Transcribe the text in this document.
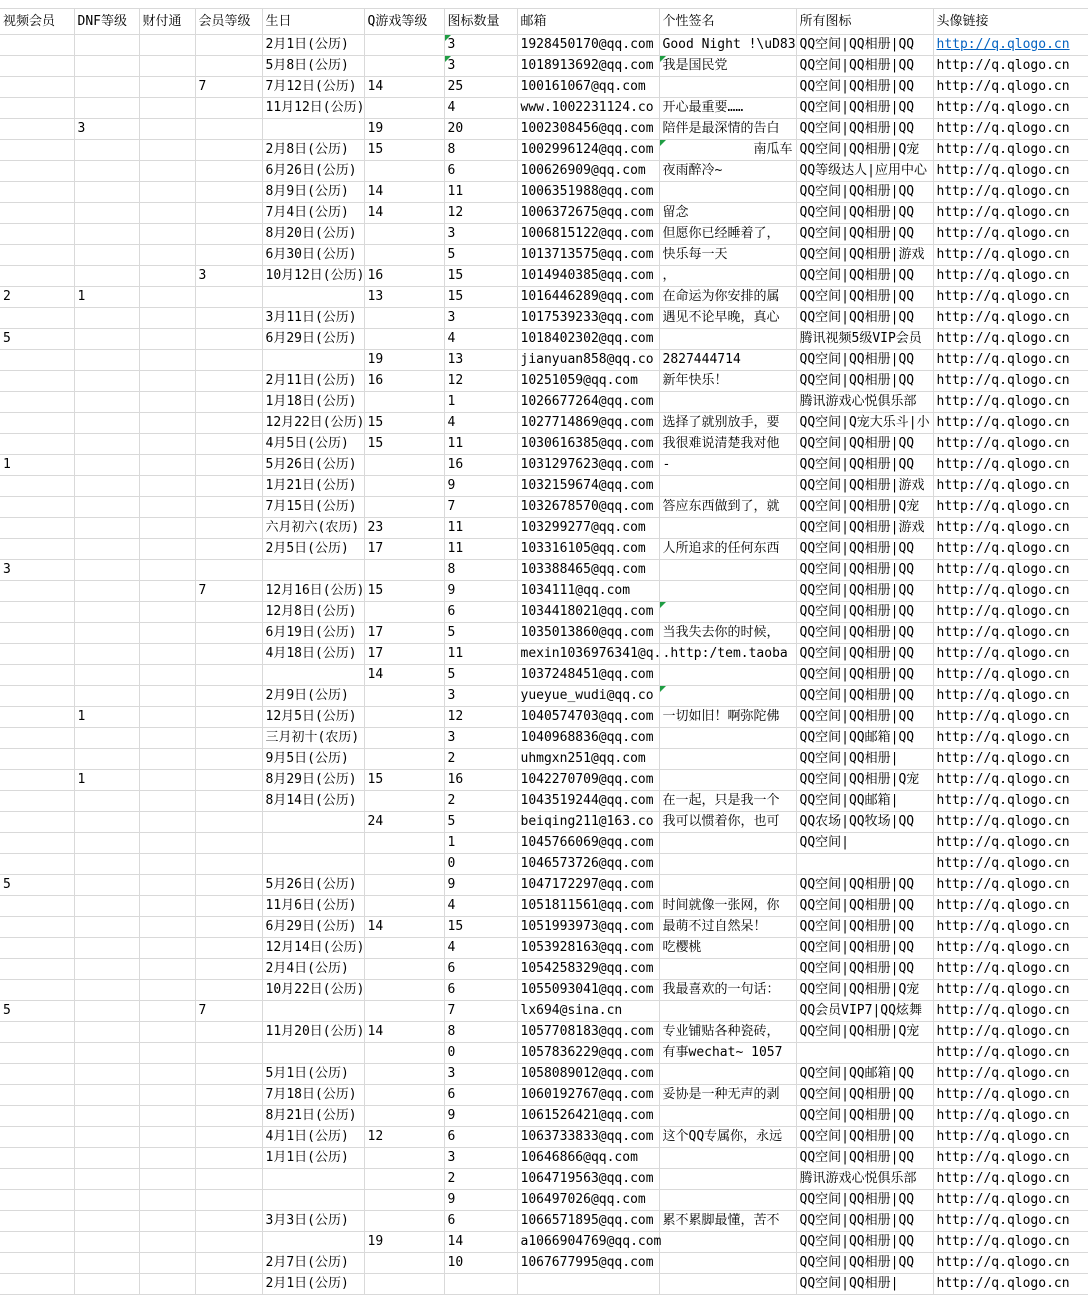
视频会员	DNF等级	财付通	会员等级	生日	Q游戏等级	图标数量	邮箱	个性签名	所有图标	头像链接
				2月1日(公历)		3	1928450170@qq.com	Good Night !\uD83	QQ空间|QQ相册|QQ	http://q.qlogo.cn
				5月8日(公历)		3	1018913692@qq.com	我是国民党	QQ空间|QQ相册|QQ	http://q.qlogo.cn
			7	7月12日(公历)	14	25	100161067@qq.com		QQ空间|QQ相册|QQ	http://q.qlogo.cn
				11月12日(公历)		4	www.1002231124.co	开心最重要……	QQ空间|QQ相册|QQ	http://q.qlogo.cn
	3				19	20	1002308456@qq.com	陪伴是最深情的告白	QQ空间|QQ相册|QQ	http://q.qlogo.cn
				2月8日(公历)	15	8	1002996124@qq.com	南瓜车	QQ空间|QQ相册|Q宠	http://q.qlogo.cn
				6月26日(公历)		6	100626909@qq.com	夜雨醉冷~	QQ等级达人|应用中心	http://q.qlogo.cn
				8月9日(公历)	14	11	1006351988@qq.com		QQ空间|QQ相册|QQ	http://q.qlogo.cn
				7月4日(公历)	14	12	1006372675@qq.com	留念	QQ空间|QQ相册|QQ	http://q.qlogo.cn
				8月20日(公历)		3	1006815122@qq.com	但愿你已经睡着了，	QQ空间|QQ相册|QQ	http://q.qlogo.cn
				6月30日(公历)		5	1013713575@qq.com	快乐每一天	QQ空间|QQ相册|游戏	http://q.qlogo.cn
			3	10月12日(公历)	16	15	1014940385@qq.com	，	QQ空间|QQ相册|QQ	http://q.qlogo.cn
2	1				13	15	1016446289@qq.com	在命运为你安排的属	QQ空间|QQ相册|QQ	http://q.qlogo.cn
				3月11日(公历)		3	1017539233@qq.com	遇见不论早晚，真心	QQ空间|QQ相册|QQ	http://q.qlogo.cn
5				6月29日(公历)		4	1018402302@qq.com		腾讯视频5级VIP会员	http://q.qlogo.cn
					19	13	jianyuan858@qq.co	2827444714	QQ空间|QQ相册|QQ	http://q.qlogo.cn
				2月11日(公历)	16	12	10251059@qq.com	新年快乐！	QQ空间|QQ相册|QQ	http://q.qlogo.cn
				1月18日(公历)		1	1026677264@qq.com		腾讯游戏心悦俱乐部	http://q.qlogo.cn
				12月22日(公历)	15	4	1027714869@qq.com	选择了就别放手，要	QQ空间|Q宠大乐斗|小	http://q.qlogo.cn
				4月5日(公历)	15	11	1030616385@qq.com	我很难说清楚我对他	QQ空间|QQ相册|QQ	http://q.qlogo.cn
1				5月26日(公历)		16	1031297623@qq.com	-	QQ空间|QQ相册|QQ	http://q.qlogo.cn
				1月21日(公历)		9	1032159674@qq.com		QQ空间|QQ相册|游戏	http://q.qlogo.cn
				7月15日(公历)		7	1032678570@qq.com	答应东西做到了，就	QQ空间|QQ相册|Q宠	http://q.qlogo.cn
				六月初六(农历)	23	11	103299277@qq.com		QQ空间|QQ相册|游戏	http://q.qlogo.cn
				2月5日(公历)	17	11	103316105@qq.com	人所追求的任何东西	QQ空间|QQ相册|QQ	http://q.qlogo.cn
3						8	103388465@qq.com		QQ空间|QQ相册|QQ	http://q.qlogo.cn
			7	12月16日(公历)	15	9	1034111@qq.com		QQ空间|QQ相册|QQ	http://q.qlogo.cn
				12月8日(公历)		6	1034418021@qq.com		QQ空间|QQ相册|QQ	http://q.qlogo.cn
				6月19日(公历)	17	5	1035013860@qq.com	当我失去你的时候，	QQ空间|QQ相册|QQ	http://q.qlogo.cn
				4月18日(公历)	17	11	mexin1036976341@q.	.http:/tem.taoba	QQ空间|QQ相册|QQ	http://q.qlogo.cn
					14	5	1037248451@qq.com		QQ空间|QQ相册|QQ	http://q.qlogo.cn
				2月9日(公历)		3	yueyue_wudi@qq.co		QQ空间|QQ相册|QQ	http://q.qlogo.cn
	1			12月5日(公历)		12	1040574703@qq.com	一切如旧！啊弥陀佛	QQ空间|QQ相册|QQ	http://q.qlogo.cn
				三月初十(农历)		3	1040968836@qq.com		QQ空间|QQ邮箱|QQ	http://q.qlogo.cn
				9月5日(公历)		2	uhmgxn251@qq.com		QQ空间|QQ相册|	http://q.qlogo.cn
	1			8月29日(公历)	15	16	1042270709@qq.com		QQ空间|QQ相册|Q宠	http://q.qlogo.cn
				8月14日(公历)		2	1043519244@qq.com	在一起，只是我一个	QQ空间|QQ邮箱|	http://q.qlogo.cn
					24	5	beiqing211@163.co	我可以惯着你，也可	QQ农场|QQ牧场|QQ	http://q.qlogo.cn
						1	1045766069@qq.com		QQ空间|	http://q.qlogo.cn
						0	1046573726@qq.com			http://q.qlogo.cn
5				5月26日(公历)		9	1047172297@qq.com		QQ空间|QQ相册|QQ	http://q.qlogo.cn
				11月6日(公历)		4	1051811561@qq.com	时间就像一张网，你	QQ空间|QQ相册|QQ	http://q.qlogo.cn
				6月29日(公历)	14	15	1051993973@qq.com	最萌不过自然呆！	QQ空间|QQ相册|QQ	http://q.qlogo.cn
				12月14日(公历)		4	1053928163@qq.com	吃樱桃	QQ空间|QQ相册|QQ	http://q.qlogo.cn
				2月4日(公历)		6	1054258329@qq.com		QQ空间|QQ相册|QQ	http://q.qlogo.cn
				10月22日(公历)		6	1055093041@qq.com	我最喜欢的一句话：	QQ空间|QQ相册|Q宠	http://q.qlogo.cn
5			7			7	lx694@sina.cn		QQ会员VIP7|QQ炫舞	http://q.qlogo.cn
				11月20日(公历)	14	8	1057708183@qq.com	专业铺贴各种瓷砖，	QQ空间|QQ相册|Q宠	http://q.qlogo.cn
						0	1057836229@qq.com	有事wechat~ 1057		http://q.qlogo.cn
				5月1日(公历)		3	1058089012@qq.com		QQ空间|QQ邮箱|QQ	http://q.qlogo.cn
				7月18日(公历)		6	1060192767@qq.com	妥协是一种无声的剥	QQ空间|QQ相册|QQ	http://q.qlogo.cn
				8月21日(公历)		9	1061526421@qq.com		QQ空间|QQ相册|QQ	http://q.qlogo.cn
				4月1日(公历)	12	6	1063733833@qq.com	这个QQ专属你，永远	QQ空间|QQ相册|QQ	http://q.qlogo.cn
				1月1日(公历)		3	10646866@qq.com		QQ空间|QQ相册|QQ	http://q.qlogo.cn
						2	1064719563@qq.com		腾讯游戏心悦俱乐部	http://q.qlogo.cn
						9	106497026@qq.com		QQ空间|QQ相册|QQ	http://q.qlogo.cn
				3月3日(公历)		6	1066571895@qq.com	累不累脚最懂，苦不	QQ空间|QQ相册|QQ	http://q.qlogo.cn
					19	14	a1066904769@qq.com		QQ空间|QQ相册|QQ	http://q.qlogo.cn
				2月7日(公历)		10	1067677995@qq.com		QQ空间|QQ相册|QQ	http://q.qlogo.cn
				2月1日(公历)					QQ空间|QQ相册|	http://q.qlogo.cn
